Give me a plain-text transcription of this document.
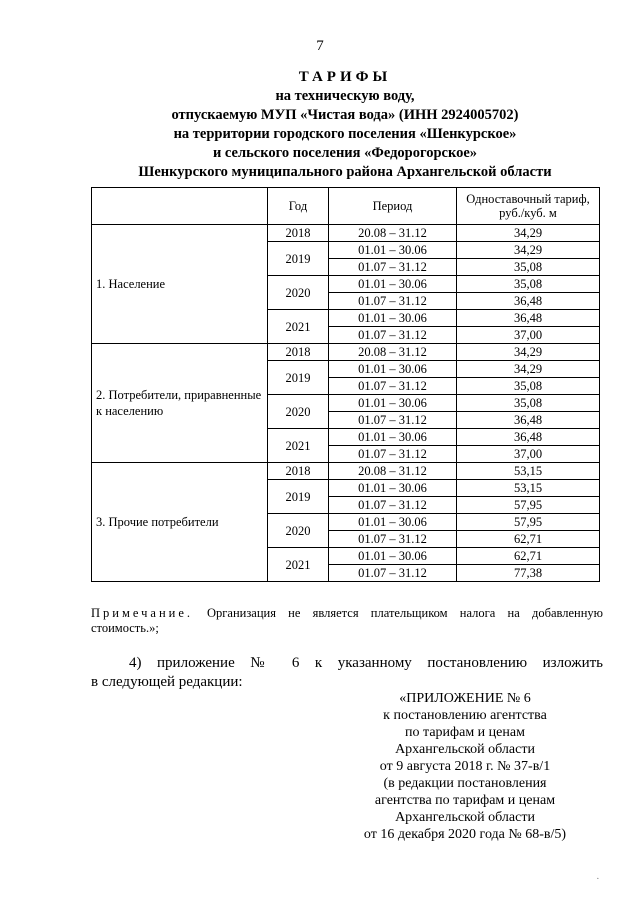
7
ТАРИФЫ
на техническую воду,
отпускаемую МУП «Чистая вода» (ИНН 2924005702)
на территории городского поселения «Шенкурское»
и сельского поселения «Федорогорское»
Шенкурского муниципального района Архангельской области
	Год	Период	Одноставочный тариф, руб./куб. м
1. Население	2018	20.08 – 31.12	34,29
	2019	01.01 – 30.06	34,29
		01.07 – 31.12	35,08
	2020	01.01 – 30.06	35,08
		01.07 – 31.12	36,48
	2021	01.01 – 30.06	36,48
		01.07 – 31.12	37,00
2. Потребители, приравненные к населению	2018	20.08 – 31.12	34,29
	2019	01.01 – 30.06	34,29
		01.07 – 31.12	35,08
	2020	01.01 – 30.06	35,08
		01.07 – 31.12	36,48
	2021	01.01 – 30.06	36,48
		01.07 – 31.12	37,00
3. Прочие потребители	2018	20.08 – 31.12	53,15
	2019	01.01 – 30.06	53,15
		01.07 – 31.12	57,95
	2020	01.01 – 30.06	57,95
		01.07 – 31.12	62,71
	2021	01.01 – 30.06	62,71
		01.07 – 31.12	77,38

Примечание. Организация не является плательщиком налога на добавленную стоимость.»;

4) приложение № 6 к указанному постановлению изложить
в следующей редакции:
«ПРИЛОЖЕНИЕ № 6
к постановлению агентства
по тарифам и ценам
Архангельской области
от 9 августа 2018 г. № 37-в/1
(в редакции постановления
агентства по тарифам и ценам
Архангельской области
от 16 декабря 2020 года № 68-в/5)
·
